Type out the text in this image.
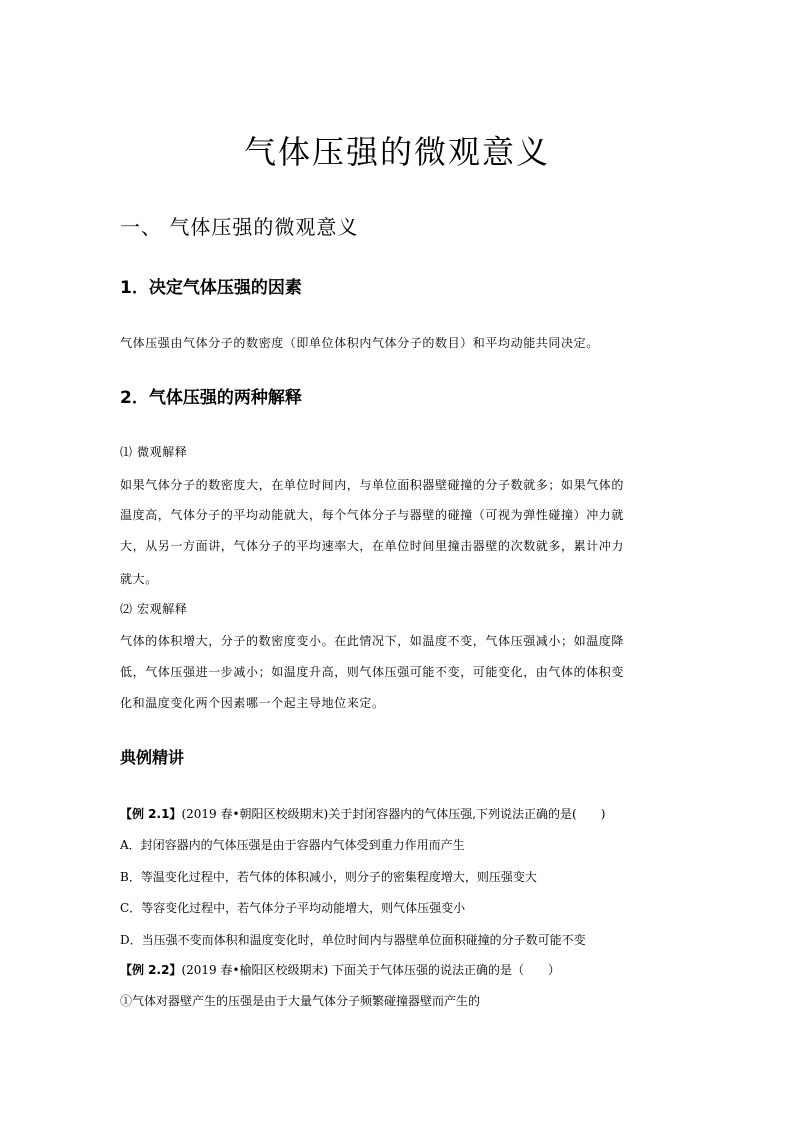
气体压强的微观意义
一、 气体压强的微观意义
1．决定气体压强的因素
气体压强由气体分子的数密度（即单位体积内气体分子的数目）和平均动能共同决定。
2．气体压强的两种解释
⑴ 微观解释
如果气体分子的数密度大，在单位时间内，与单位面积器壁碰撞的分子数就多；如果气体的
温度高，气体分子的平均动能就大，每个气体分子与器壁的碰撞（可视为弹性碰撞）冲力就
大，从另一方面讲，气体分子的平均速率大，在单位时间里撞击器壁的次数就多，累计冲力
就大。
⑵ 宏观解释
气体的体积增大，分子的数密度变小。在此情况下，如温度不变，气体压强减小；如温度降
低，气体压强进一步减小；如温度升高，则气体压强可能不变，可能变化，由气体的体积变
化和温度变化两个因素哪一个起主导地位来定。
典例精讲
【例 2.1】(2019 春•朝阳区校级期末)关于封闭容器内的气体压强,下列说法正确的是(　　)
A．封闭容器内的气体压强是由于容器内气体受到重力作用而产生
B．等温变化过程中，若气体的体积减小，则分子的密集程度增大，则压强变大
C．等容变化过程中，若气体分子平均动能增大，则气体压强变小
D．当压强不变而体积和温度变化时，单位时间内与器壁单位面积碰撞的分子数可能不变
【例 2.2】(2019 春•榆阳区校级期末) 下面关于气体压强的说法正确的是（　　）
①气体对器壁产生的压强是由于大量气体分子频繁碰撞器壁而产生的
